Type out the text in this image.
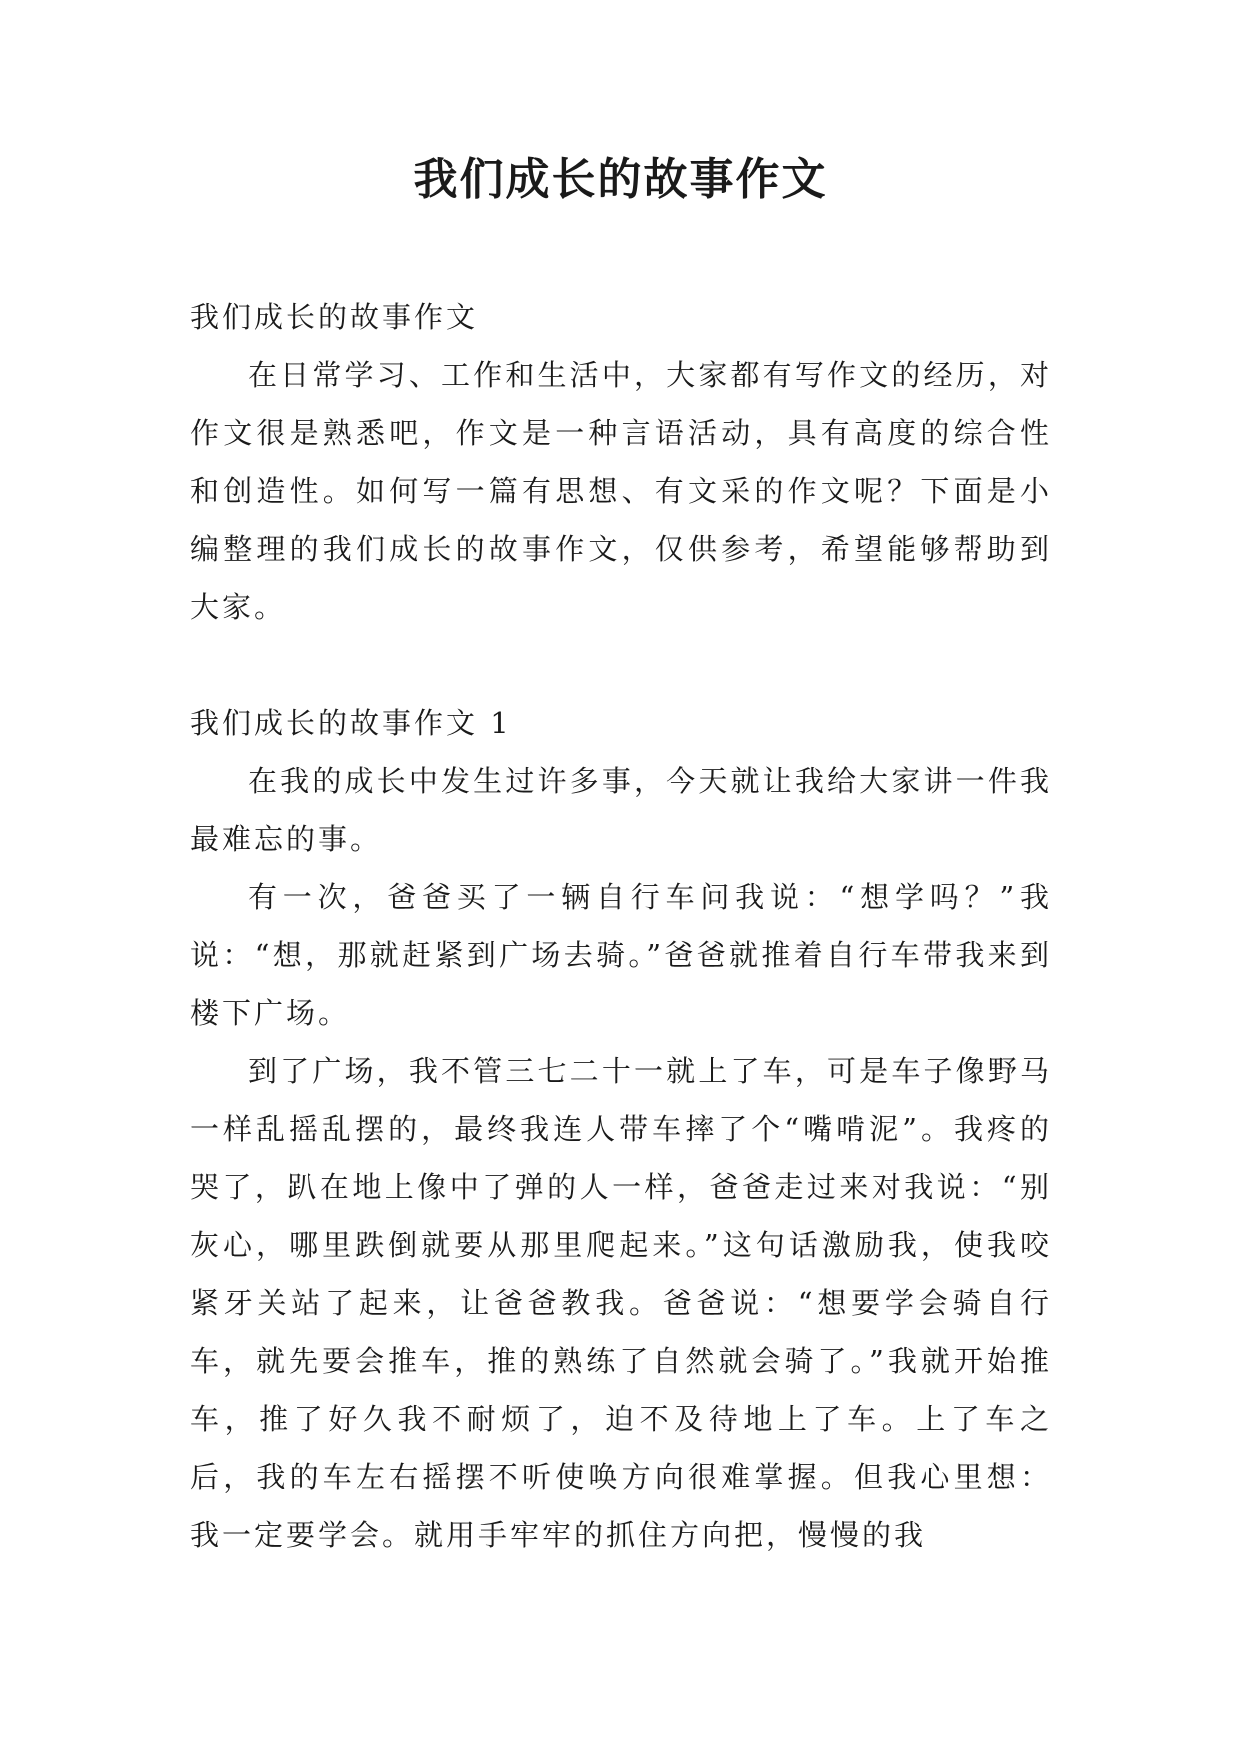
我们成长的故事作文

我们成长的故事作文

在日常学习、工作和生活中，大家都有写作文的经历，对作文很是熟悉吧，作文是一种言语活动，具有高度的综合性和创造性。如何写一篇有思想、有文采的作文呢？下面是小编整理的我们成长的故事作文，仅供参考，希望能够帮助到大家。

我们成长的故事作文 1

在我的成长中发生过许多事，今天就让我给大家讲一件我最难忘的事。

有一次，爸爸买了一辆自行车问我说：“想学吗？”我说：“想，那就赶紧到广场去骑。”爸爸就推着自行车带我来到楼下广场。

到了广场，我不管三七二十一就上了车，可是车子像野马一样乱摇乱摆的，最终我连人带车摔了个“嘴啃泥”。我疼的哭了，趴在地上像中了弹的人一样，爸爸走过来对我说：“别灰心，哪里跌倒就要从那里爬起来。”这句话激励我，使我咬紧牙关站了起来，让爸爸教我。爸爸说：“想要学会骑自行车，就先要会推车，推的熟练了自然就会骑了。”我就开始推车，推了好久我不耐烦了，迫不及待地上了车。上了车之后，我的车左右摇摆不听使唤方向很难掌握。但我心里想：我一定要学会。就用手牢牢的抓住方向把，慢慢的我
